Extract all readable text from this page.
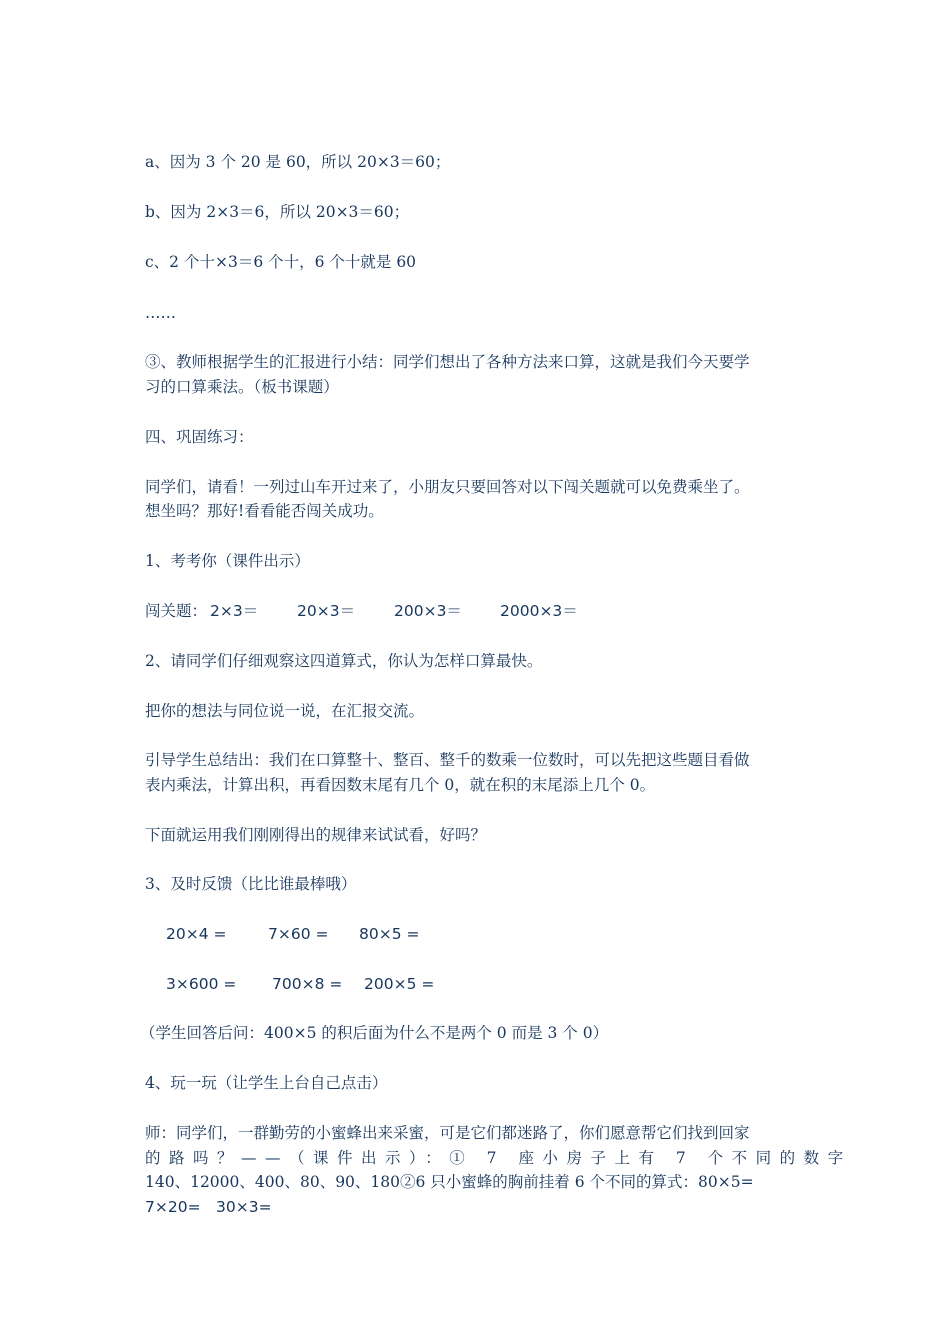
a、因为 3 个 20 是 60，所以 20×3＝60；
b、因为 2×3＝6，所以 20×3＝60；
c、2 个十×3＝6 个十，6 个十就是 60
……
③、教师根据学生的汇报进行小结：同学们想出了各种方法来口算，这就是我们今天要学
习的口算乘法。（板书课题）
四、巩固练习：
同学们，请看！一列过山车开过来了，小朋友只要回答对以下闯关题就可以免费乘坐了。
想坐吗？那好!看看能否闯关成功。
1、考考你（课件出示）
闯关题： 2×3＝	20×3＝	200×3＝ 2000×3＝
2、请同学们仔细观察这四道算式，你认为怎样口算最快。
把你的想法与同位说一说，在汇报交流。
引导学生总结出：我们在口算整十、整百、整千的数乘一位数时，可以先把这些题目看做
表内乘法，计算出积，再看因数末尾有几个 0，就在积的末尾添上几个 0。
下面就运用我们刚刚得出的规律来试试看，好吗？
3、及时反馈（比比谁最棒哦）
20×4 =	7×60 = 80×5 =
3×600 = 700×8 = 200×5 =
（学生回答后问：400×5 的积后面为什么不是两个 0 而是 3 个 0）
4、玩一玩（让学生上台自己点击）
师：同学们，一群勤劳的小蜜蜂出来采蜜，可是它们都迷路了，你们愿意帮它们找到回家
的路吗？——（课件出示）：① 7 座小房子上有 7 个不同的数字
140、12000、400、80、90、180②6 只小蜜蜂的胸前挂着 6 个不同的算式：80×5=
7×20=　30×3=
